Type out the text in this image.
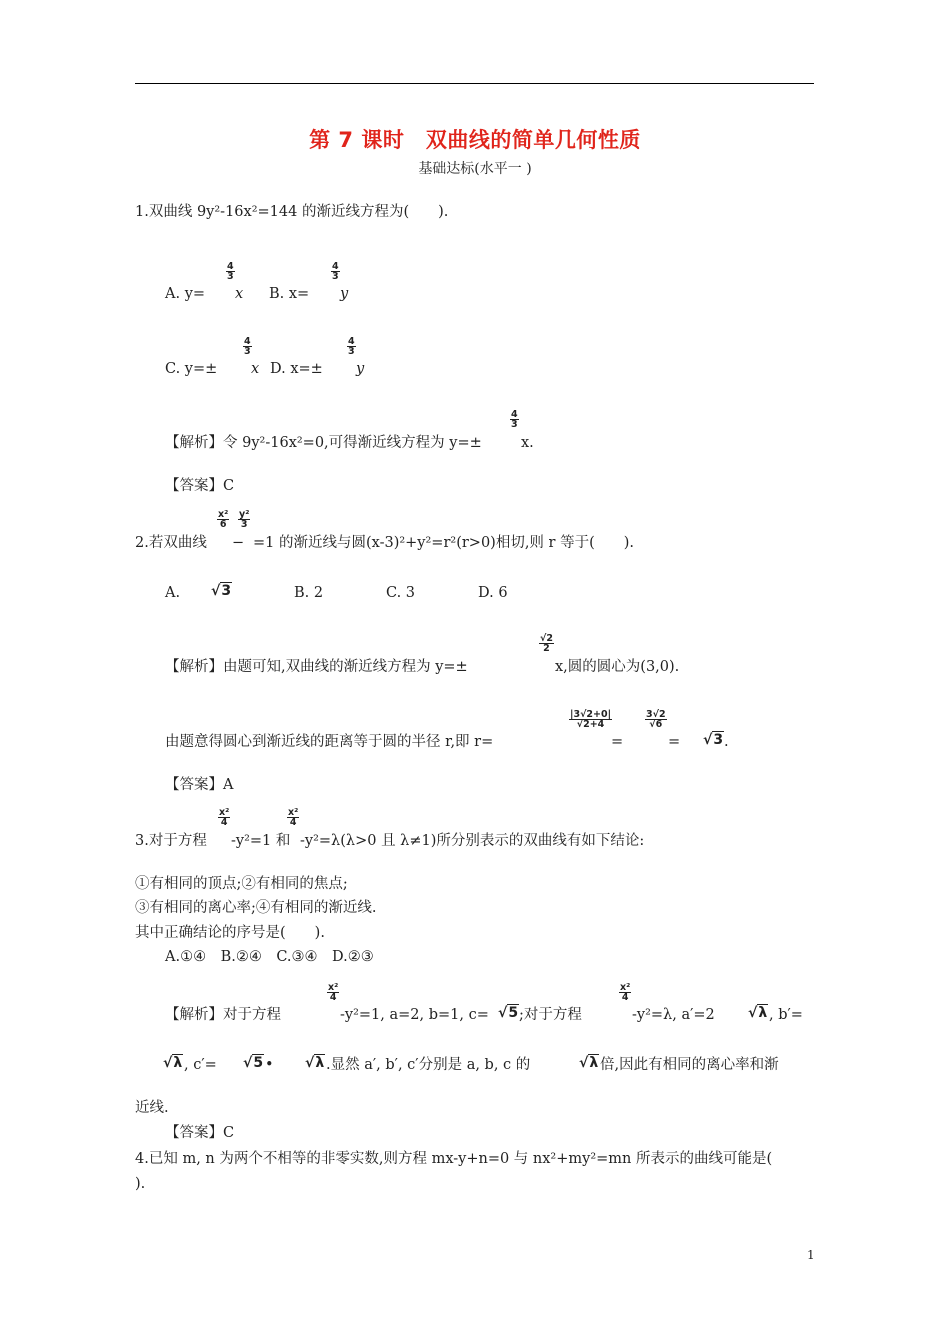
第 7 课时　双曲线的简单几何性质
基础达标(水平一 )
1.双曲线 9y²-16x²=144 的渐近线方程为(　　).
$\frac{4}{3}$
A. y= x B. x=
$\frac{4}{3}$
y
$\frac{4}{3}$
C. y=± x D. x=±
$\frac{4}{3}$
y
【解析】令 9y²-16x²=0,可得渐近线方程为 y=±
$\frac{4}{3}$
x.
【答案】C
2.若双曲线
$\frac{\text{x²}}{6}$
−
$\frac{\text{y²}}{3}$
=1 的渐近线与圆(x-3)²+y²=r²(r>0)相切,则 r 等于(　　).
A. √3	B. 2	C. 3	D. 6
【解析】由题可知,双曲线的渐近线方程为 y=±
$\frac{√2}{2}$
x,圆的圆心为(3,0).
由题意得圆心到渐近线的距离等于圆的半径 r,即 r=
$\frac{|3√2+0|}{√2+4}$
=
$\frac{3√2}{√6}$
= √3 .
【答案】A
3.对于方程
$\frac{\text{x²}}{4}$
-y²=1 和
$\frac{\text{x²}}{4}$
-y²=λ(λ>0 且 λ≠1)所分别表示的双曲线有如下结论:
①有相同的顶点;②有相同的焦点;
③有相同的离心率;④有相同的渐近线.
其中正确结论的序号是(　　).
A.①④　B.②④　C.③④　D.②③
【解析】对于方程
$\frac{\text{x²}}{4}$
-y²=1, a=2, b=1, c= √5 ;对于方程
$\frac{\text{x²}}{4}$
-y²=λ, a′=2 √λ , b′=
√λ , c′= √5 • √λ .显然 a′, b′, c′分别是 a, b, c 的	√λ 倍,因此有相同的离心率和渐
近线.
【答案】C
4.已知 m, n 为两个不相等的非零实数,则方程 mx-y+n=0 与 nx²+my²=mn 所表示的曲线可能是(
).
1
